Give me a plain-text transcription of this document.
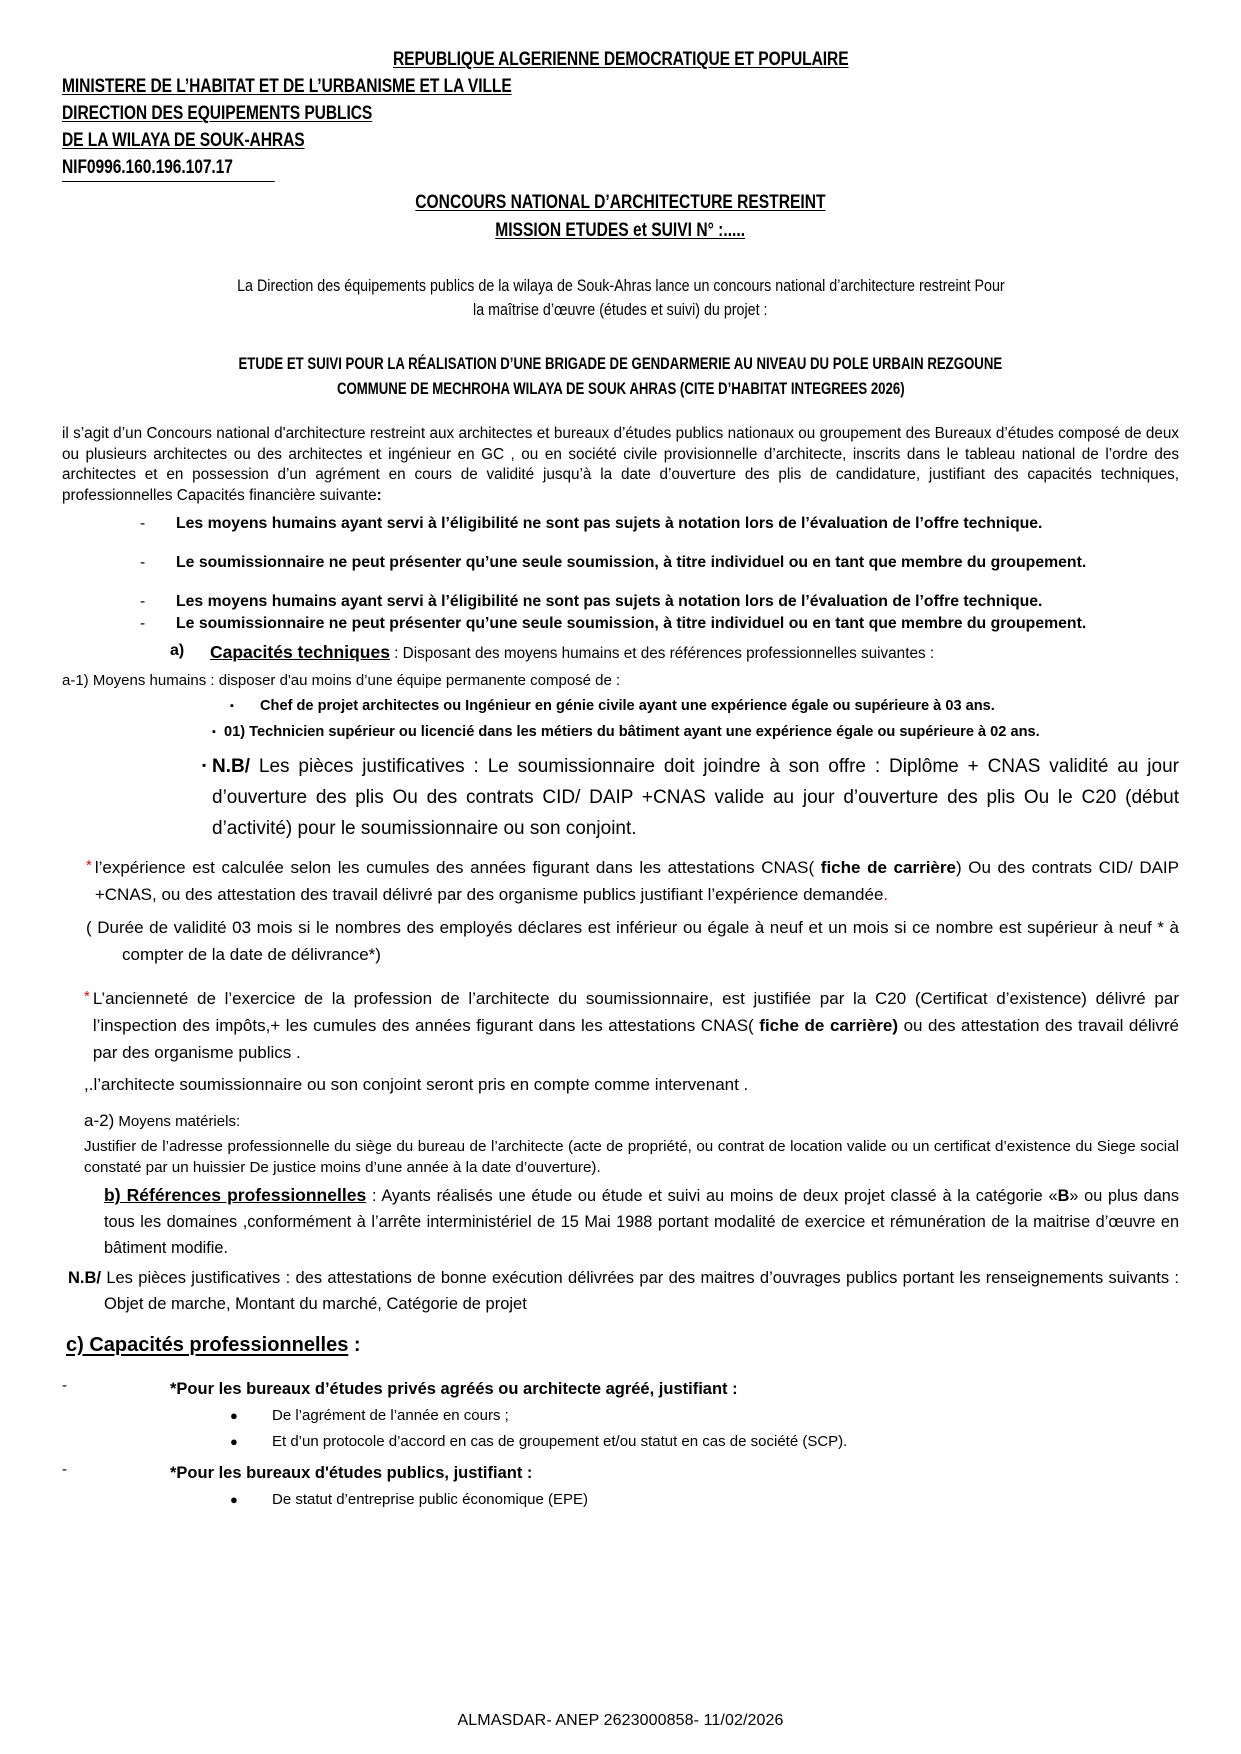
REPUBLIQUE ALGERIENNE DEMOCRATIQUE ET POPULAIRE
MINISTERE DE L’HABITAT ET DE L’URBANISME ET LA VILLE
DIRECTION DES EQUIPEMENTS PUBLICS
DE LA WILAYA DE SOUK-AHRAS
NIF0996.160.196.107.17
CONCOURS NATIONAL D’ARCHITECTURE RESTREINT
MISSION ETUDES et SUIVI N° :.....
La Direction des équipements publics de la wilaya de Souk-Ahras lance un concours national d’architecture restreint Pour
la maîtrise d’œuvre (études et suivi) du projet :
ETUDE ET SUIVI POUR LA RÉALISATION D’UNE BRIGADE DE GENDARMERIE AU NIVEAU DU POLE URBAIN REZGOUNE
COMMUNE DE MECHROHA WILAYA DE SOUK AHRAS (CITE D’HABITAT INTEGREES 2026)

il s’agit d’un Concours national d'architecture restreint aux architectes et bureaux d’études publics nationaux ou groupement des Bureaux d’études composé de deux ou plusieurs architectes ou des architectes et ingénieur en GC , ou en société civile provisionnelle d’architecte, inscrits dans le tableau national de l’ordre des architectes et en possession d’un agrément en cours de validité jusqu’à la date d’ouverture des plis de candidature, justifiant des capacités techniques, professionnelles Capacités financière suivante:

-	Les moyens humains ayant servi à l’éligibilité ne sont pas sujets à notation lors de l’évaluation de l’offre technique.
-	Le soumissionnaire ne peut présenter qu’une seule soumission, à titre individuel ou en tant que membre du groupement.
-	Les moyens humains ayant servi à l’éligibilité ne sont pas sujets à notation lors de l’évaluation de l’offre technique.
-	Le soumissionnaire ne peut présenter qu’une seule soumission, à titre individuel ou en tant que membre du groupement.
a)	Capacités techniques : Disposant des moyens humains et des références professionnelles suivantes :
a-1) Moyens humains : disposer d'au moins d’une équipe permanente composé de :
▪	Chef de projet architectes ou Ingénieur en génie civile ayant une expérience égale ou supérieure à 03 ans.
▪ 01) Technicien supérieur ou licencié dans les métiers du bâtiment ayant une expérience égale ou supérieure à 02 ans.
▪ N.B/ Les pièces justificatives : Le soumissionnaire doit joindre à son offre : Diplôme + CNAS validité au jour d’ouverture des plis Ou des contrats CID/ DAIP +CNAS valide au jour d’ouverture des plis Ou le C20 (début d’activité) pour le soumissionnaire ou son conjoint.
* l’expérience est calculée selon les cumules des années figurant dans les attestations CNAS( fiche de carrière) Ou des contrats CID/ DAIP +CNAS, ou des attestation des travail délivré par des organisme publics justifiant l’expérience demandée.

( Durée de validité 03 mois si le nombres des employés déclares est inférieur ou égale à neuf et un mois si ce nombre est supérieur à neuf * à compter de la date de délivrance*)

* L’ancienneté de l’exercice de la profession de l’architecte du soumissionnaire, est justifiée par la C20 (Certificat d’existence) délivré par l’inspection des impôts,+ les cumules des années figurant dans les attestations CNAS( fiche de carrière) ou des attestation des travail délivré par des organisme publics .

,.l’architecte soumissionnaire ou son conjoint seront pris en compte comme intervenant .

a-2) Moyens matériels:

Justifier de l’adresse professionnelle du siège du bureau de l’architecte (acte de propriété, ou contrat de location valide ou un certificat d’existence du Siege social constaté par un huissier De justice moins d’une année à la date d’ouverture).

b) Références professionnelles : Ayants réalisés une étude ou étude et suivi au moins de deux projet classé à la catégorie «B» ou plus dans tous les domaines ,conformément à l’arrête interministériel de 15 Mai 1988 portant modalité de exercice et rémunération de la maitrise d’œuvre en bâtiment modifie.

N.B/ Les pièces justificatives : des attestations de bonne exécution délivrées par des maitres d’ouvrages publics portant les renseignements suivants : Objet de marche, Montant du marché, Catégorie de projet

c) Capacités professionnelles :

-	*Pour les bureaux d’études privés agréés ou architecte agréé, justifiant :
●	De l’agrément de l’année en cours ;
●	Et d’un protocole d’accord en cas de groupement et/ou statut en cas de société (SCP).
-	*Pour les bureaux d'études publics, justifiant :
●	De statut d’entreprise public économique (EPE)
ALMASDAR- ANEP 2623000858- 11/02/2026
